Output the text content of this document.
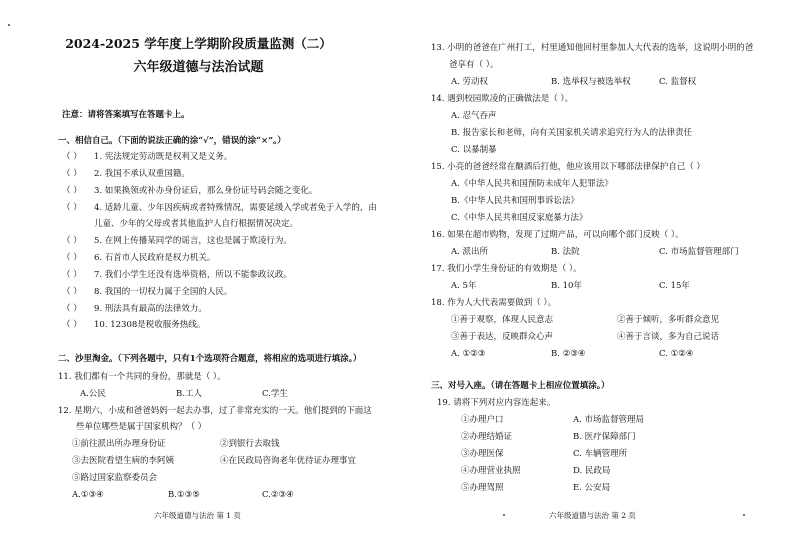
2024-2025 学年度上学期阶段质量监测（二）
六年级道德与法治试题
注意：请将答案填写在答题卡上。
一、相信自己。（下面的说法正确的涂“√”，错误的涂“×”。）
（ ） 1. 宪法规定劳动既是权利又是义务。
（ ） 2. 我国不承认双重国籍。
（ ） 3. 如果换领或补办身份证后，那么身份证号码会随之变化。
（ ） 4. 适龄儿童、少年因疾病或者特殊情况，需要延缓入学或者免于入学的，由
儿童、少年的父母或者其他监护人自行根据情况决定。
（ ） 5. 在网上传播某同学的谣言，这也是属于欺凌行为。
（ ） 6. 石首市人民政府是权力机关。
（ ） 7. 我们小学生还没有选举资格，所以不能参政议政。
（ ） 8. 我国的一切权力属于全国的人民。
（ ） 9. 刑法具有最高的法律效力。
（ ） 10. 12308是税收服务热线。
二、沙里淘金。（下列各题中，只有1个选项符合题意，将相应的选项进行填涂。）
11. 我们都有一个共同的身份，那就是（ ）。
A.公民	B.工人	C.学生
12. 星期六，小成和爸爸妈妈一起去办事，过了非常充实的一天。他们提到的下面这
些单位哪些是属于国家机构？（ ）
①前往派出所办理身份证	②到银行去取钱
③去医院看望生病的李阿姨	④在民政局咨询老年优待证办理事宜
⑤路过国家监察委员会
A.①③④	B.①③⑤	C.②③④
六年级道德与法治 第 1 页
13. 小明的爸爸在广州打工，村里通知他回村里参加人大代表的选举，这说明小明的爸
爸享有（ ）。
A. 劳动权	B. 选举权与被选举权	C. 监督权
14. 遇到校园欺凌的正确做法是（ ）。
A. 忍气吞声
B. 报告家长和老师，向有关国家机关请求追究行为人的法律责任
C. 以暴制暴
15. 小亮的爸爸经常在酗酒后打他，他应该用以下哪部法律保护自己（ ）
A.《中华人民共和国预防未成年人犯罪法》
B.《中华人民共和国刑事诉讼法》
C.《中华人民共和国反家庭暴力法》
16. 如果在超市购物，发现了过期产品，可以向哪个部门反映（ ）。
A. 派出所	B. 法院	C. 市场监督管理部门
17. 我们小学生身份证的有效期是（ ）。
A. 5年	B. 10年	C. 15年
18. 作为人大代表需要做到（ ）。
①善于观察，体现人民意志	②善于倾听，多听群众意见
③善于表达，反映群众心声	④善于言谈，多为自己说话
A. ①②③	B. ②③④	C. ①②④
三、对号入座。（请在答题卡上相应位置填涂。）
19. 请将下列对应内容连起来。
①办理户口	A. 市场监督管理局
②办理结婚证	B. 医疗保障部门
③办理医保	C. 车辆管理所
④办理营业执照	D. 民政局
⑤办理驾照	E. 公安局
六年级道德与法治 第 2 页
